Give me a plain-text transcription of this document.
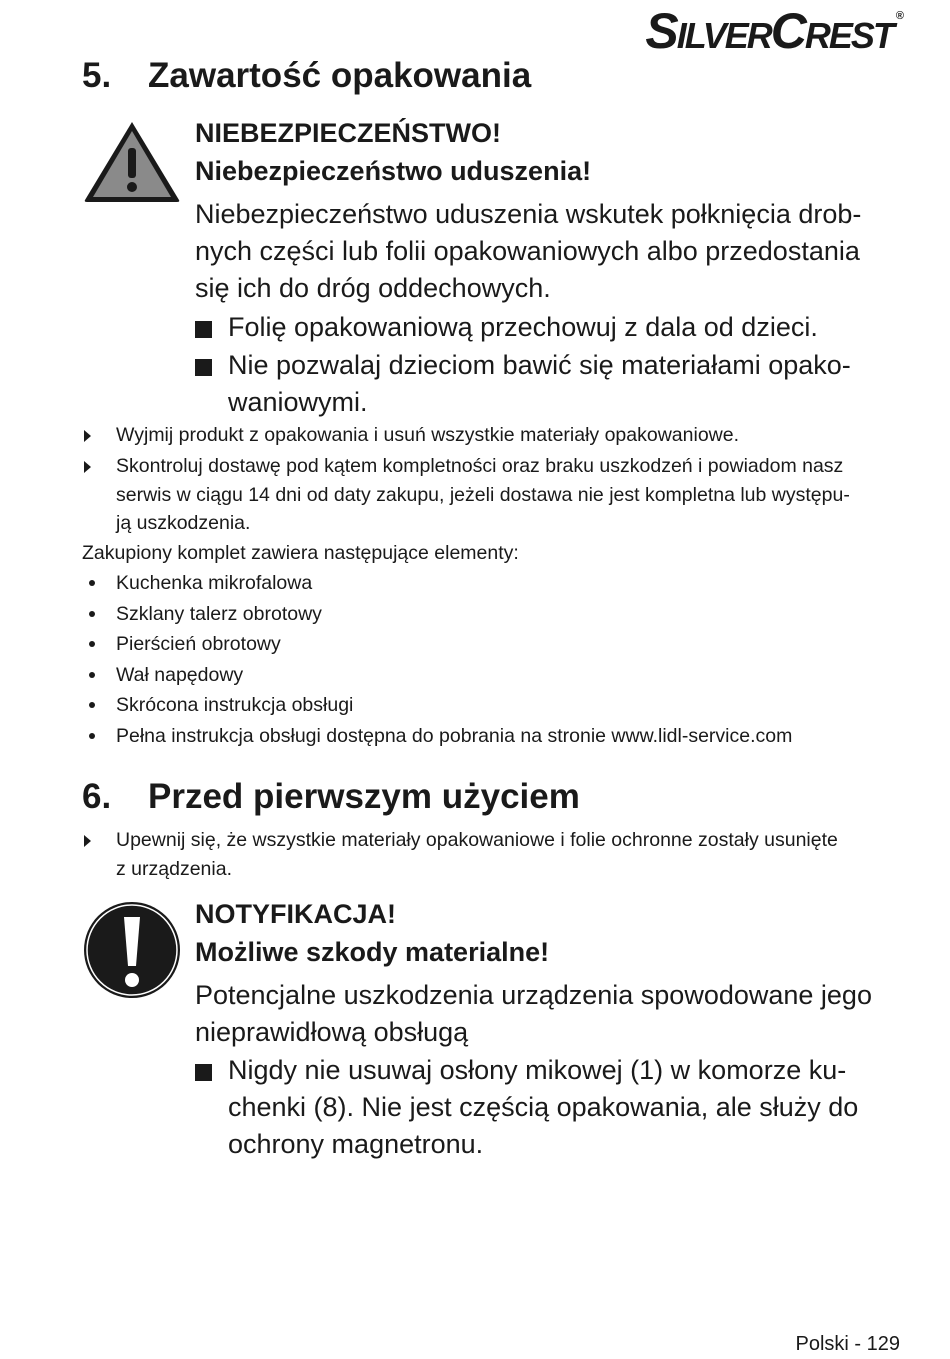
SILVERCREST ®
5. Zawartość opakowania
NIEBEZPIECZEŃSTWO!
Niebezpieczeństwo uduszenia!
Niebezpieczeństwo uduszenia wskutek połknięcia drob-
nych części lub folii opakowaniowych albo przedostania
się ich do dróg oddechowych.
Folię opakowaniową przechowuj z dala od dzieci.
Nie pozwalaj dzieciom bawić się materiałami opako-
waniowymi.
Wyjmij produkt z opakowania i usuń wszystkie materiały opakowaniowe.
Skontroluj dostawę pod kątem kompletności oraz braku uszkodzeń i powiadom nasz
serwis w ciągu 14 dni od daty zakupu, jeżeli dostawa nie jest kompletna lub występu-
ją uszkodzenia.
Zakupiony komplet zawiera następujące elementy:
Kuchenka mikrofalowa
Szklany talerz obrotowy
Pierścień obrotowy
Wał napędowy
Skrócona instrukcja obsługi
Pełna instrukcja obsługi dostępna do pobrania na stronie www.lidl-service.com
6. Przed pierwszym użyciem
Upewnij się, że wszystkie materiały opakowaniowe i folie ochronne zostały usunięte
z urządzenia.
NOTYFIKACJA!
Możliwe szkody materialne!
Potencjalne uszkodzenia urządzenia spowodowane jego
nieprawidłową obsługą
Nigdy nie usuwaj osłony mikowej (1) w komorze ku-
chenki (8). Nie jest częścią opakowania, ale służy do
ochrony magnetronu.
Polski - 129
